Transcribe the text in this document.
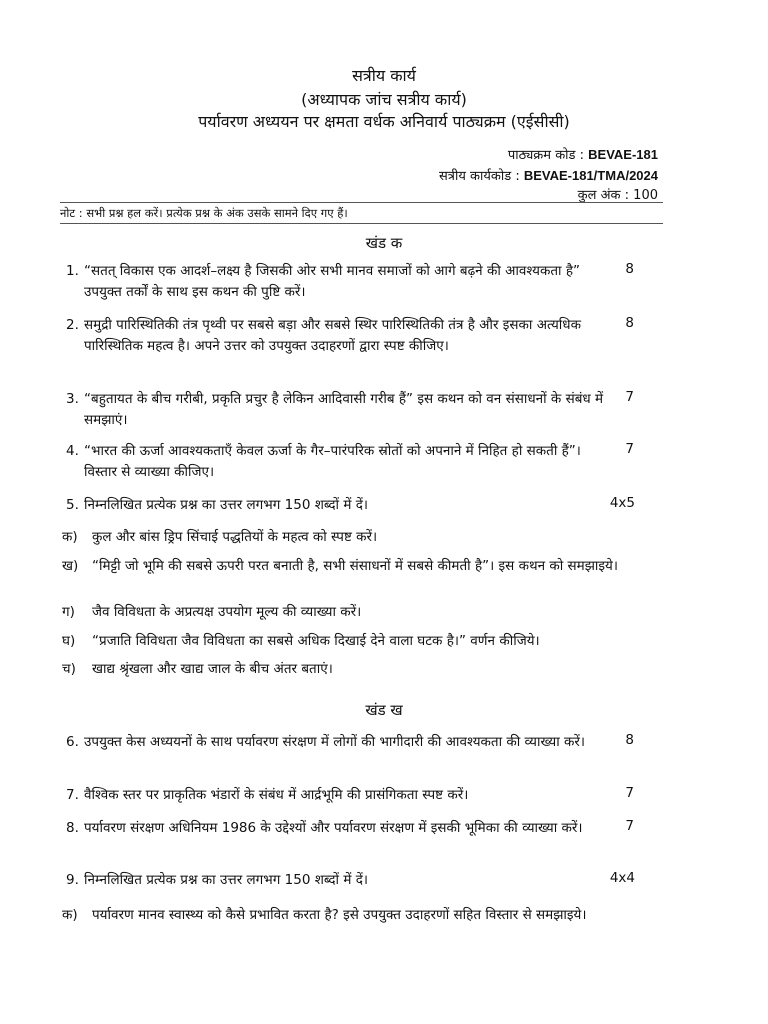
सत्रीय कार्य
(अध्यापक जांच सत्रीय कार्य)
पर्यावरण अध्ययन पर क्षमता वर्धक अनिवार्य पाठ्यक्रम (एईसीसी)
पाठ्यक्रम कोड : BEVAE-181
सत्रीय कार्यकोड : BEVAE-181/TMA/2024
कुल अंक : 100
नोट : सभी प्रश्न हल करें। प्रत्येक प्रश्न के अंक उसके सामने दिए गए हैं।
खंड क
1. “सतत् विकास एक आदर्श–लक्ष्य है जिसकी ओर सभी मानव समाजों को आगे बढ़ने की आवश्यकता है” उपयुक्त तर्कों के साथ इस कथन की पुष्टि करें।
8
2. समुद्री पारिस्थितिकी तंत्र पृथ्वी पर सबसे बड़ा और सबसे स्थिर पारिस्थितिकी तंत्र है और इसका अत्यधिक पारिस्थितिक महत्व है। अपने उत्तर को उपयुक्त उदाहरणों द्वारा स्पष्ट कीजिए।
8
3. “बहुतायत के बीच गरीबी, प्रकृति प्रचुर है लेकिन आदिवासी गरीब हैं” इस कथन को वन संसाधनों के संबंध में समझाएं।
7
4. “भारत की ऊर्जा आवश्यकताएँ केवल ऊर्जा के गैर–पारंपरिक स्रोतों को अपनाने में निहित हो सकती हैं”। विस्तार से व्याख्या कीजिए।
7
5. निम्नलिखित प्रत्येक प्रश्न का उत्तर लगभग 150 शब्दों में दें।	4x5
क) कुल और बांस ड्रिप सिंचाई पद्धतियों के महत्व को स्पष्ट करें।
ख) “मिट्टी जो भूमि की सबसे ऊपरी परत बनाती है, सभी संसाधनों में सबसे कीमती है”। इस कथन को समझाइये।
ग) जैव विविधता के अप्रत्यक्ष उपयोग मूल्य की व्याख्या करें।
घ) “प्रजाति विविधता जैव विविधता का सबसे अधिक दिखाई देने वाला घटक है।” वर्णन कीजिये।
च) खाद्य श्रृंखला और खाद्य जाल के बीच अंतर बताएं।
खंड ख
6. उपयुक्त केस अध्ययनों के साथ पर्यावरण संरक्षण में लोगों की भागीदारी की आवश्यकता की व्याख्या करें।	8
7. वैश्विक स्तर पर प्राकृतिक भंडारों के संबंध में आर्द्रभूमि की प्रासंगिकता स्पष्ट करें।	7
8. पर्यावरण संरक्षण अधिनियम 1986 के उद्देश्यों और पर्यावरण संरक्षण में इसकी भूमिका की व्याख्या करें।	7
9. निम्नलिखित प्रत्येक प्रश्न का उत्तर लगभग 150 शब्दों में दें।	4x4
क) पर्यावरण मानव स्वास्थ्य को कैसे प्रभावित करता है? इसे उपयुक्त उदाहरणों सहित विस्तार से समझाइये।
